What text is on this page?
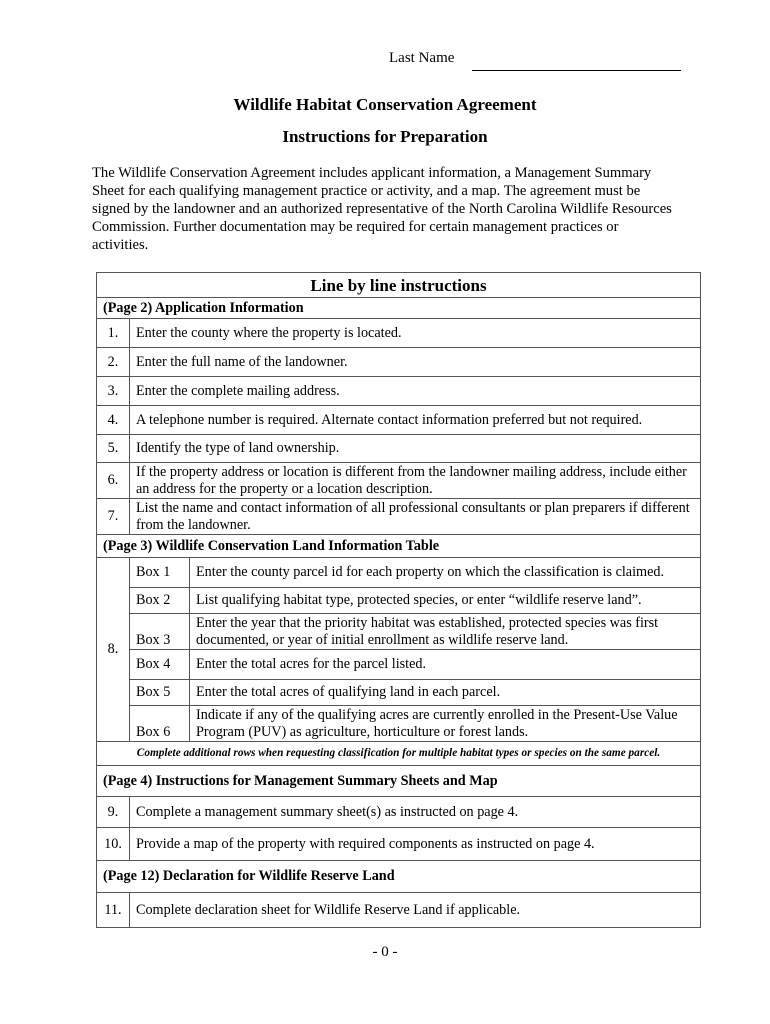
Last Name
Wildlife Habitat Conservation Agreement
Instructions for Preparation
The Wildlife Conservation Agreement includes applicant information, a Management Summary Sheet for each qualifying management practice or activity, and a map. The agreement must be signed by the landowner and an authorized representative of the North Carolina Wildlife Resources Commission. Further documentation may be required for certain management practices or activities.
Line by line instructions		
(Page 2) Application Information		
1.	Enter the county where the property is located.	
2.	Enter the full name of the landowner.	
3.	Enter the complete mailing address.	
4.	A telephone number is required. Alternate contact information preferred but not required.	
5.	Identify the type of land ownership.	
6.	If the property address or location is different from the landowner mailing address, include either an address for the property or a location description.	
7.	List the name and contact information of all professional consultants or plan preparers if different from the landowner.	
(Page 3) Wildlife Conservation Land Information Table		
8.	Box 1	Enter the county parcel id for each property on which the classification is claimed.
	Box 2	List qualifying habitat type, protected species, or enter “wildlife reserve land”.
	Box 3	Enter the year that the priority habitat was established, protected species was first documented, or year of initial enrollment as wildlife reserve land.
	Box 4	Enter the total acres for the parcel listed.
	Box 5	Enter the total acres of qualifying land in each parcel.
	Box 6	Indicate if any of the qualifying acres are currently enrolled in the Present-Use Value Program (PUV) as agriculture, horticulture or forest lands.
Complete additional rows when requesting classification for multiple habitat types or species on the same parcel.		
(Page 4) Instructions for Management Summary Sheets and Map		
9.	Complete a management summary sheet(s) as instructed on page 4.	
10.	Provide a map of the property with required components as instructed on page 4.	
(Page 12) Declaration for Wildlife Reserve Land		
11.	Complete declaration sheet for Wildlife Reserve Land if applicable.	
- 0 -
